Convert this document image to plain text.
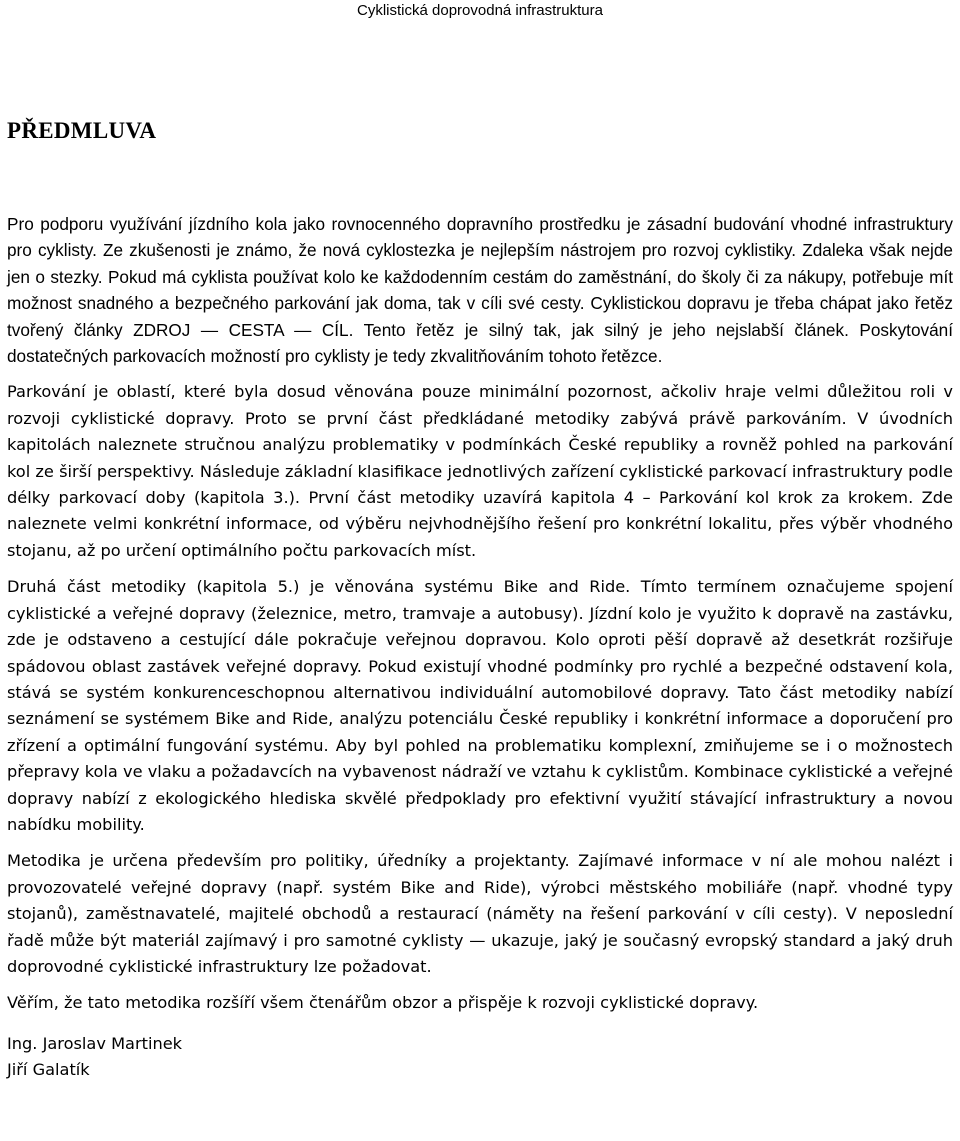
Cyklistická doprovodná infrastruktura
PŘEDMLUVA

Pro podporu využívání jízdního kola jako rovnocenného dopravního prostředku je zásadní budování vhodné infrastruktury pro cyklisty. Ze zkušenosti je známo, že nová cyklostezka je nejlepším nástrojem pro rozvoj cyklistiky. Zdaleka však nejde jen o stezky. Pokud má cyklista používat kolo ke každodenním cestám do zaměstnání, do školy či za nákupy, potřebuje mít možnost snadného a bezpečného parkování jak doma, tak v cíli své cesty. Cyklistickou dopravu je třeba chápat jako řetěz tvořený články ZDROJ — CESTA — CÍL. Tento řetěz je silný tak, jak silný je jeho nejslabší článek. Poskytování dostatečných parkovacích možností pro cyklisty je tedy zkvalitňováním tohoto řetězce.

Parkování je oblastí, které byla dosud věnována pouze minimální pozornost, ačkoliv hraje velmi důležitou roli v rozvoji cyklistické dopravy. Proto se první část předkládané metodiky zabývá právě parkováním. V úvodních kapitolách naleznete stručnou analýzu problematiky v podmínkách České republiky a rovněž pohled na parkování kol ze širší perspektivy. Následuje základní klasifikace jednotlivých zařízení cyklistické parkovací infrastruktury podle délky parkovací doby (kapitola 3.). První část metodiky uzavírá kapitola 4 – Parkování kol krok za krokem. Zde naleznete velmi konkrétní informace, od výběru nejvhodnějšího řešení pro konkrétní lokalitu, přes výběr vhodného stojanu, až po určení optimálního počtu parkovacích míst.

Druhá část metodiky (kapitola 5.) je věnována systému Bike and Ride. Tímto termínem označujeme spojení cyklistické a veřejné dopravy (železnice, metro, tramvaje a autobusy). Jízdní kolo je využito k dopravě na zastávku, zde je odstaveno a cestující dále pokračuje veřejnou dopravou. Kolo oproti pěší dopravě až desetkrát rozšiřuje spádovou oblast zastávek veřejné dopravy. Pokud existují vhodné podmínky pro rychlé a bezpečné odstavení kola, stává se systém konkurenceschopnou alternativou individuální automobilové dopravy. Tato část metodiky nabízí seznámení se systémem Bike and Ride, analýzu potenciálu České republiky i konkrétní informace a doporučení pro zřízení a optimální fungování systému. Aby byl pohled na problematiku komplexní, zmiňujeme se i o možnostech přepravy kola ve vlaku a požadavcích na vybavenost nádraží ve vztahu k cyklistům. Kombinace cyklistické a veřejné dopravy nabízí z ekologického hlediska skvělé předpoklady pro efektivní využití stávající infrastruktury a novou nabídku mobility.

Metodika je určena především pro politiky, úředníky a projektanty. Zajímavé informace v ní ale mohou nalézt i provozovatelé veřejné dopravy (např. systém Bike and Ride), výrobci městského mobiliáře (např. vhodné typy stojanů), zaměstnavatelé, majitelé obchodů a restaurací (náměty na řešení parkování v cíli cesty). V neposlední řadě může být materiál zajímavý i pro samotné cyklisty — ukazuje, jaký je současný evropský standard a jaký druh doprovodné cyklistické infrastruktury lze požadovat.

Věřím, že tato metodika rozšíří všem čtenářům obzor a přispěje k rozvoji cyklistické dopravy.

Ing. Jaroslav Martinek

Jiří Galatík
